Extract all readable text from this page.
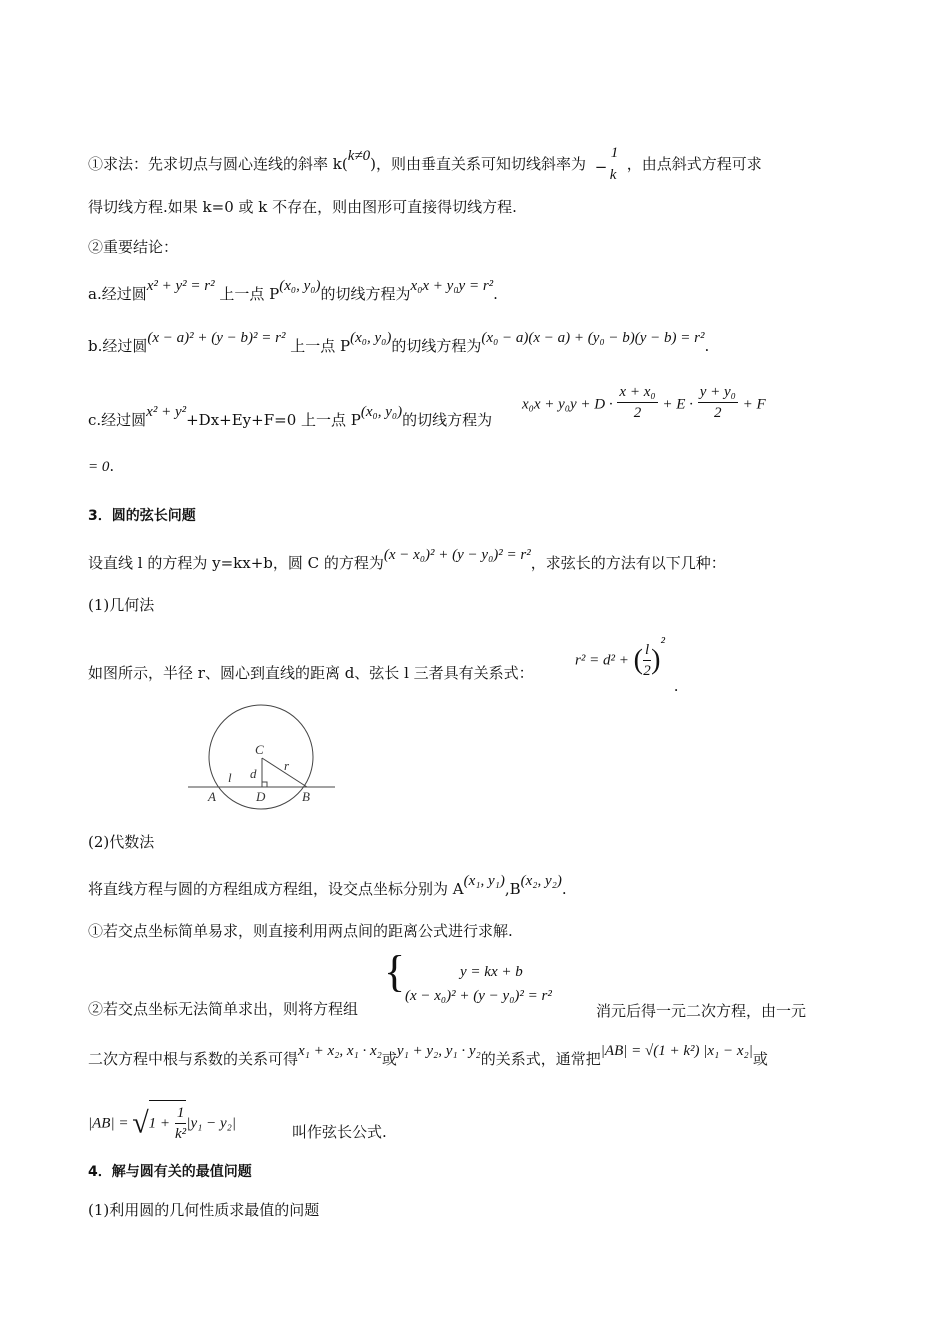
①求法：先求切点与圆心连线的斜率 k(k≠0)，则由垂直关系可知切线斜率为 −
1
k
，由点斜式方程可求
得切线方程.如果 k=0 或 k 不存在，则由图形可直接得切线方程.
②重要结论：
a.经过圆x² + y² = r² 上一点 P(x₀, y₀)的切线方程为x₀x + y₀y = r².
b.经过圆(x − a)² + (y − b)² = r² 上一点 P(x₀, y₀)的切线方程为(x₀ − a)(x − a) + (y₀ − b)(y − b) = r².
c.经过圆x² + y²+Dx+Ey+F=0 上一点 P(x₀, y₀)的切线方程为
$x_0x + y_0y + D \cdot \frac{\text{x + x₀}}{2} + E \cdot \frac{\text{y + y₀}}{2} + F$
= 0.
3．圆的弦长问题
设直线 l 的方程为 y=kx+b，圆 C 的方程为(x − x₀)² + (y − y₀)² = r²，求弦长的方法有以下几种：
(1)几何法
如图所示，半径 r、圆心到直线的距离 d、弦长 l 三者具有关系式：
r² = d² + ( $\frac{l}{2} )^2$ .
C
d
r
l
A	D	B
(2)代数法
将直线方程与圆的方程组成方程组，设交点坐标分别为 A(x₁, y₁),B(x₂, y₂).
①若交点坐标简单易求，则直接利用两点间的距离公式进行求解.
②若交点坐标无法简单求出，则将方程组
{	y = kx + b
(x − x₀)² + (y − y₀)² = r²
消元后得一元二次方程，由一元
二次方程中根与系数的关系可得x₁ + x₂, x₁ · x₂或y₁ + y₂, y₁ · y₂的关系式，通常把|AB| = √(1 + k²) |x₁ − x₂|或
$|AB| = √1 + \frac{1}{\text{k²}} |y_1 - y_2|$	叫作弦长公式.
4．解与圆有关的最值问题
(1)利用圆的几何性质求最值的问题
